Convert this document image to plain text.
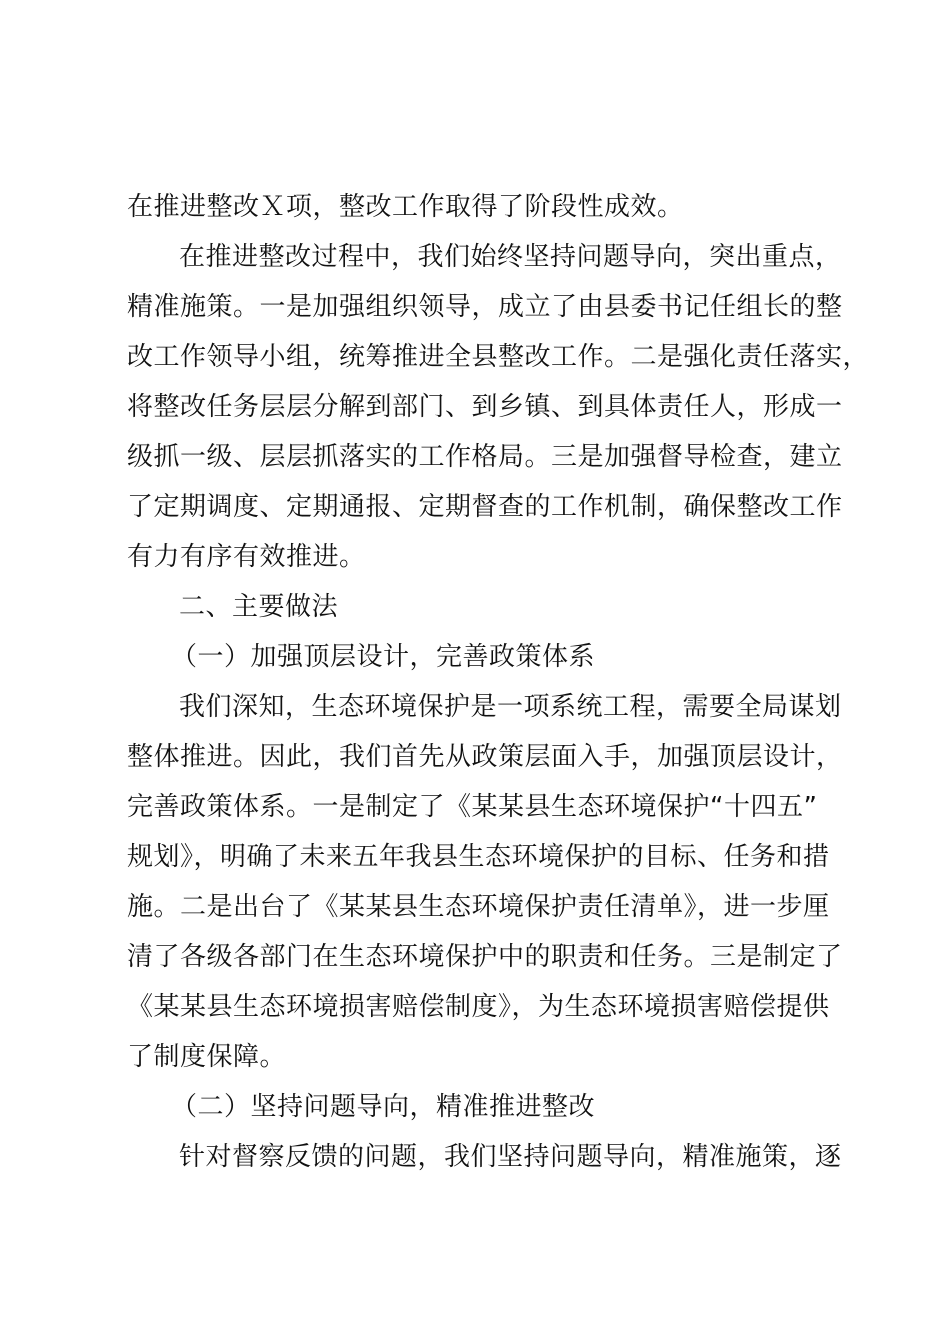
在推进整改Ｘ项，整改工作取得了阶段性成效。
在推进整改过程中，我们始终坚持问题导向，突出重点，
精准施策。一是加强组织领导，成立了由县委书记任组长的整
改工作领导小组，统筹推进全县整改工作。二是强化责任落实，
将整改任务层层分解到部门、到乡镇、到具体责任人，形成一
级抓一级、层层抓落实的工作格局。三是加强督导检查，建立
了定期调度、定期通报、定期督查的工作机制，确保整改工作
有力有序有效推进。
二、主要做法
（一）加强顶层设计，完善政策体系
我们深知，生态环境保护是一项系统工程，需要全局谋划
整体推进。因此，我们首先从政策层面入手，加强顶层设计，
完善政策体系。一是制定了《某某县生态环境保护“十四五”
规划》，明确了未来五年我县生态环境保护的目标、任务和措
施。二是出台了《某某县生态环境保护责任清单》，进一步厘
清了各级各部门在生态环境保护中的职责和任务。三是制定了
《某某县生态环境损害赔偿制度》，为生态环境损害赔偿提供
了制度保障。
（二）坚持问题导向，精准推进整改
针对督察反馈的问题，我们坚持问题导向，精准施策，逐
